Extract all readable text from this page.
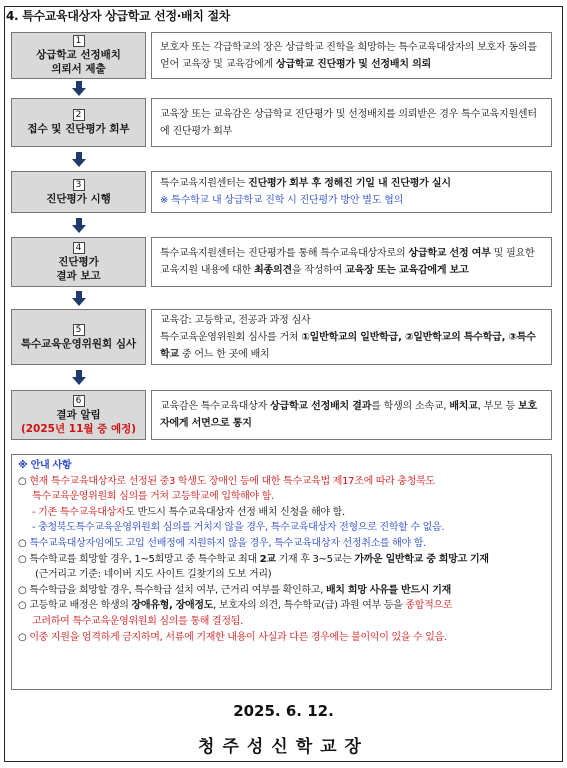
4. 특수교육대상자 상급학교 선정·배치 절차
1
상급학교 선정배치
의뢰서 제출
보호자 또는 각급학교의 장은 상급학교 진학을 희망하는 특수교육대상자의 보호자 동의를 얻어 교육장 및 교육감에게 상급학교 진단평가 및 선정배치 의뢰
2
접수 및 진단평가 회부
교육장 또는 교육감은 상급학교 진단평가 및 선정배치를 의뢰받은 경우 특수교육지원센터에 진단평가 회부
3
진단평가 시행
특수교육지원센터는 진단평가 회부 후 정해진 기일 내 진단평가 실시
※ 특수학교 내 상급학교 진학 시 진단평가 방안 별도 협의
4
진단평가
결과 보고
특수교육지원센터는 진단평가를 통해 특수교육대상자로의 상급학교 선정 여부 및 필요한 교육지원 내용에 대한 최종의견을 작성하여 교육장 또는 교육감에게 보고
5
특수교육운영위원회 심사
교육감: 고등학교, 전공과 과정 심사
특수교육운영위원회 심사를 거쳐 ①일반학교의 일반학급, ②일반학교의 특수학급, ③특수학교 중 어느 한 곳에 배치
6
결과 알림
(2025년 11월 중 예정)
교육감은 특수교육대상자 상급학교 선정배치 결과를 학생의 소속교, 배치교, 부모 등 보호자에게 서면으로 통지
※ 안내 사항
○ 현재 특수교육대상자로 선정된 중3 학생도 장애인 등에 대한 특수교육법 제17조에 따라 충청북도
특수교육운영위원회 심의를 거쳐 고등학교에 입학해야 함.
- 기존 특수교육대상자도 반드시 특수교육대상자 선정 배치 신청을 해야 함.
- 충청북도특수교육운영위원회 심의를 거치지 않을 경우, 특수교육대상자 전형으로 진학할 수 없음.
○ 특수교육대상자임에도 고입 선배정에 지원하지 않을 경우, 특수교육대상자 선정취소를 해야 함.
○ 특수학교를 희망할 경우, 1~5희망고 중 특수학교 최대 2교 기재 후 3~5교는 가까운 일반학교 중 희망고 기재
(근거리고 기준: 네이버 지도 사이트 길찾기의 도보 거리)
○ 특수학급을 희망할 경우, 특수학급 설치 여부, 근거리 여부를 확인하고, 배치 희망 사유를 반드시 기재
○ 고등학교 배정은 학생의 장애유형, 장애정도, 보호자의 의견, 특수학교(급) 과원 여부 등을 종합적으로
고려하여 특수교육운영위원회 심의를 통해 결정됨.
○ 이중 지원을 엄격하게 금지하며, 서류에 기재한 내용이 사실과 다른 경우에는 불이익이 있을 수 있음.
2025. 6. 12.
청주성신학교장
